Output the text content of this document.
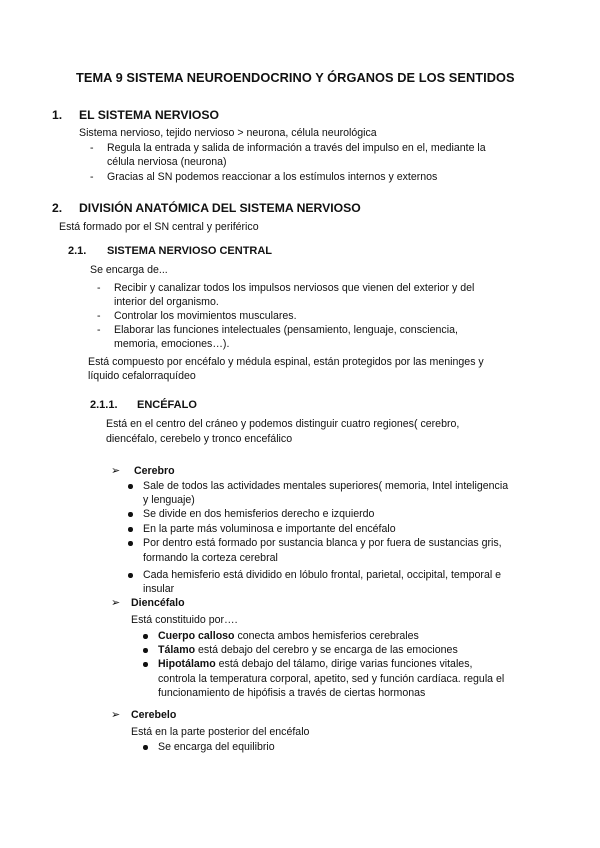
TEMA 9 SISTEMA NEUROENDOCRINO Y ÓRGANOS DE LOS SENTIDOS
1. EL SISTEMA NERVIOSO
Sistema nervioso, tejido nervioso > neurona, célula neurológica
- Regula la entrada y salida de información a través del impulso en el, mediante la
célula nerviosa (neurona)
- Gracias al SN podemos reaccionar a los estímulos internos y externos
2. DIVISIÓN ANATÓMICA DEL SISTEMA NERVIOSO
Está formado por el SN central y periférico
2.1. SISTEMA NERVIOSO CENTRAL
Se encarga de...
- Recibir y canalizar todos los impulsos nerviosos que vienen del exterior y del
interior del organismo.
- Controlar los movimientos musculares.
- Elaborar las funciones intelectuales (pensamiento, lenguaje, consciencia,
memoria, emociones…).
Está compuesto por encéfalo y médula espinal, están protegidos por las meninges y
líquido cefalorraquídeo
2.1.1. ENCÉFALO
Está en el centro del cráneo y podemos distinguir cuatro regiones( cerebro,
diencéfalo, cerebelo y tronco encefálico
➢ Cerebro
Sale de todos las actividades mentales superiores( memoria, Intel inteligencia
y lenguaje)
Se divide en dos hemisferios derecho e izquierdo
En la parte más voluminosa e importante del encéfalo
Por dentro está formado por sustancia blanca y por fuera de sustancias gris,
formando la corteza cerebral
Cada hemisferio está dividido en lóbulo frontal, parietal, occipital, temporal e
insular
➢ Diencéfalo
Está constituido por….
Cuerpo calloso conecta ambos hemisferios cerebrales
Tálamo está debajo del cerebro y se encarga de las emociones
Hipotálamo está debajo del tálamo, dirige varias funciones vitales,
controla la temperatura corporal, apetito, sed y función cardíaca. regula el
funcionamiento de hipófisis a través de ciertas hormonas
➢ Cerebelo
Está en la parte posterior del encéfalo
Se encarga del equilibrio
